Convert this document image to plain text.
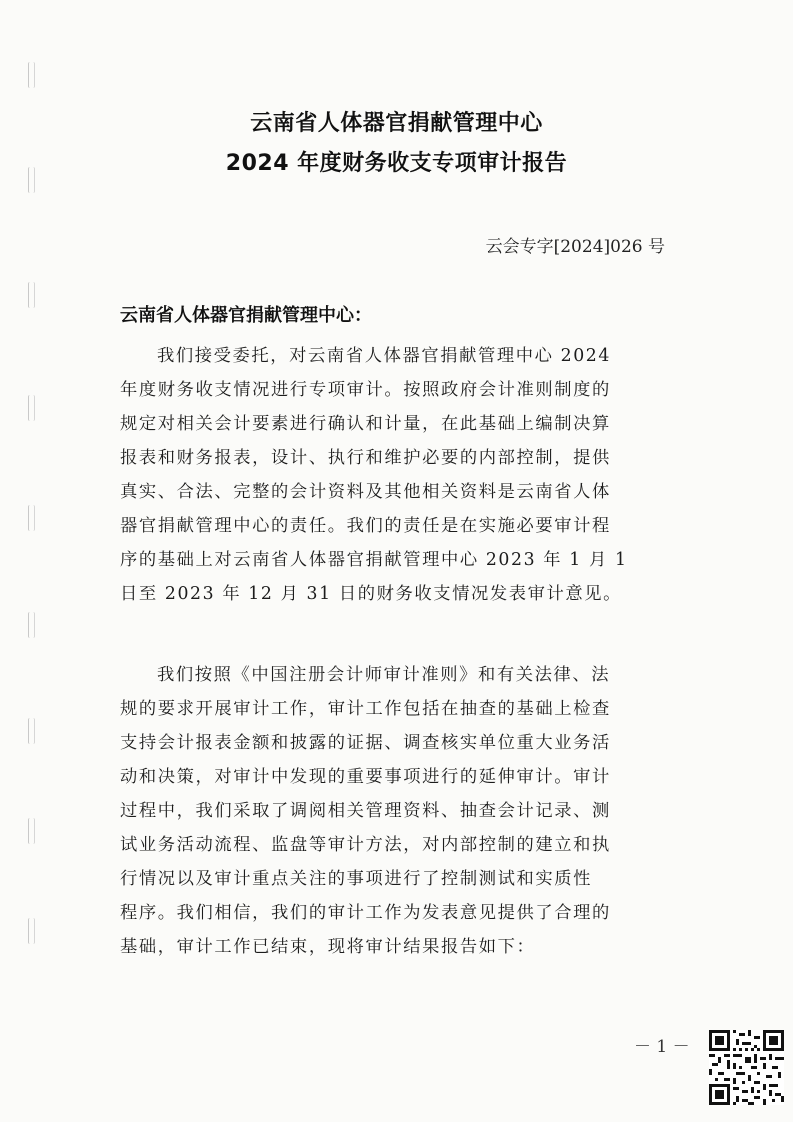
云南省人体器官捐献管理中心
2024 年度财务收支专项审计报告
云会专字[2024]026 号
云南省人体器官捐献管理中心：
我们接受委托，对云南省人体器官捐献管理中心 2024
年度财务收支情况进行专项审计。按照政府会计准则制度的
规定对相关会计要素进行确认和计量，在此基础上编制决算
报表和财务报表，设计、执行和维护必要的内部控制，提供
真实、合法、完整的会计资料及其他相关资料是云南省人体
器官捐献管理中心的责任。我们的责任是在实施必要审计程
序的基础上对云南省人体器官捐献管理中心 2023 年 1 月 1
日至 2023 年 12 月 31 日的财务收支情况发表审计意见。
我们按照《中国注册会计师审计准则》和有关法律、法
规的要求开展审计工作，审计工作包括在抽查的基础上检查
支持会计报表金额和披露的证据、调查核实单位重大业务活
动和决策，对审计中发现的重要事项进行的延伸审计。审计
过程中，我们采取了调阅相关管理资料、抽查会计记录、测
试业务活动流程、监盘等审计方法，对内部控制的建立和执
行情况以及审计重点关注的事项进行了控制测试和实质性
程序。我们相信，我们的审计工作为发表意见提供了合理的
基础，审计工作已结束，现将审计结果报告如下：
－ 1 －
